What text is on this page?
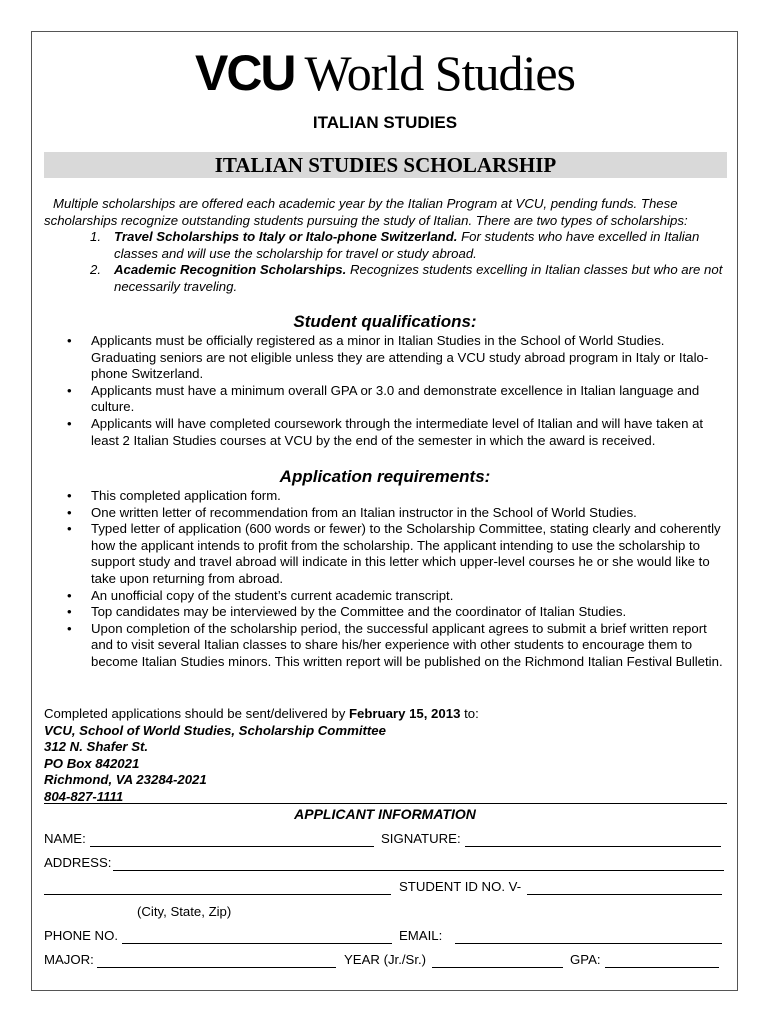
VCU World Studies
ITALIAN STUDIES
ITALIAN STUDIES SCHOLARSHIP

Multiple scholarships are offered each academic year by the Italian Program at VCU, pending funds. These scholarships recognize outstanding students pursuing the study of Italian. There are two types of scholarships:

1. Travel Scholarships to Italy or Italo-phone Switzerland. For students who have excelled in Italian classes and will use the scholarship for travel or study abroad.
2. Academic Recognition Scholarships. Recognizes students excelling in Italian classes but who are not necessarily traveling.
Student qualifications:
• Applicants must be officially registered as a minor in Italian Studies in the School of World Studies. Graduating seniors are not eligible unless they are attending a VCU study abroad program in Italy or Italo-phone Switzerland.
• Applicants must have a minimum overall GPA or 3.0 and demonstrate excellence in Italian language and culture.
• Applicants will have completed coursework through the intermediate level of Italian and will have taken at least 2 Italian Studies courses at VCU by the end of the semester in which the award is received.
Application requirements:
• This completed application form.
• One written letter of recommendation from an Italian instructor in the School of World Studies.
• Typed letter of application (600 words or fewer) to the Scholarship Committee, stating clearly and coherently how the applicant intends to profit from the scholarship. The applicant intending to use the scholarship to support study and travel abroad will indicate in this letter which upper-level courses he or she would like to take upon returning from abroad.
• An unofficial copy of the student’s current academic transcript.
• Top candidates may be interviewed by the Committee and the coordinator of Italian Studies.
• Upon completion of the scholarship period, the successful applicant agrees to submit a brief written report and to visit several Italian classes to share his/her experience with other students to encourage them to become Italian Studies minors. This written report will be published on the Richmond Italian Festival Bulletin.
Completed applications should be sent/delivered by February 15, 2013 to:
VCU, School of World Studies, Scholarship Committee
312 N. Shafer St.
PO Box 842021
Richmond, VA 23284-2021
804-827-1111
APPLICANT INFORMATION
NAME:	SIGNATURE:
ADDRESS:
STUDENT ID NO. V-
(City, State, Zip)
PHONE NO.	EMAIL:
MAJOR:	YEAR (Jr./Sr.)	GPA:
